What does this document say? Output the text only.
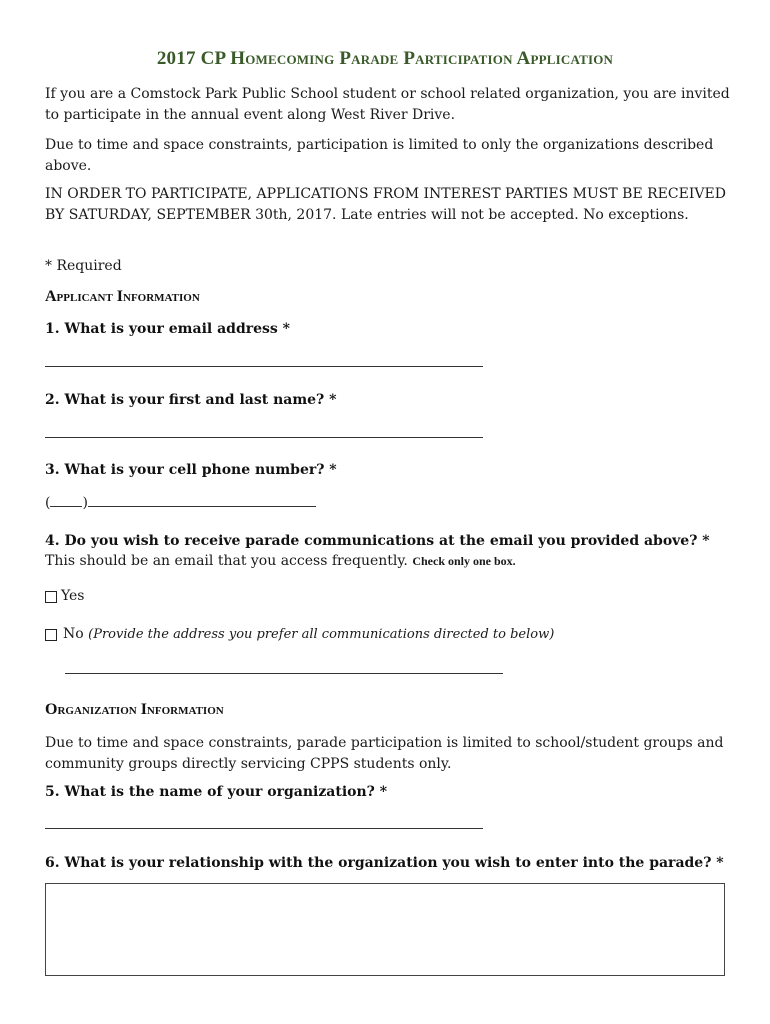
2017 CP Homecoming Parade Participation Application
If you are a Comstock Park Public School student or school related organization, you are invited to participate in the annual event along West River Drive.
Due to time and space constraints, participation is limited to only the organizations described above.
IN ORDER TO PARTICIPATE, APPLICATIONS FROM INTEREST PARTIES MUST BE RECEIVED BY SATURDAY, SEPTEMBER 30th, 2017. Late entries will not be accepted. No exceptions.
* Required
Applicant Information
1. What is your email address *
2. What is your first and last name? *
3. What is your cell phone number? *
( )
4. Do you wish to receive parade communications at the email you provided above? *
This should be an email that you access frequently. Check only one box.
Yes
No (Provide the address you prefer all communications directed to below)
Organization Information
Due to time and space constraints, parade participation is limited to school/student groups and community groups directly servicing CPPS students only.
5. What is the name of your organization? *
6. What is your relationship with the organization you wish to enter into the parade? *
